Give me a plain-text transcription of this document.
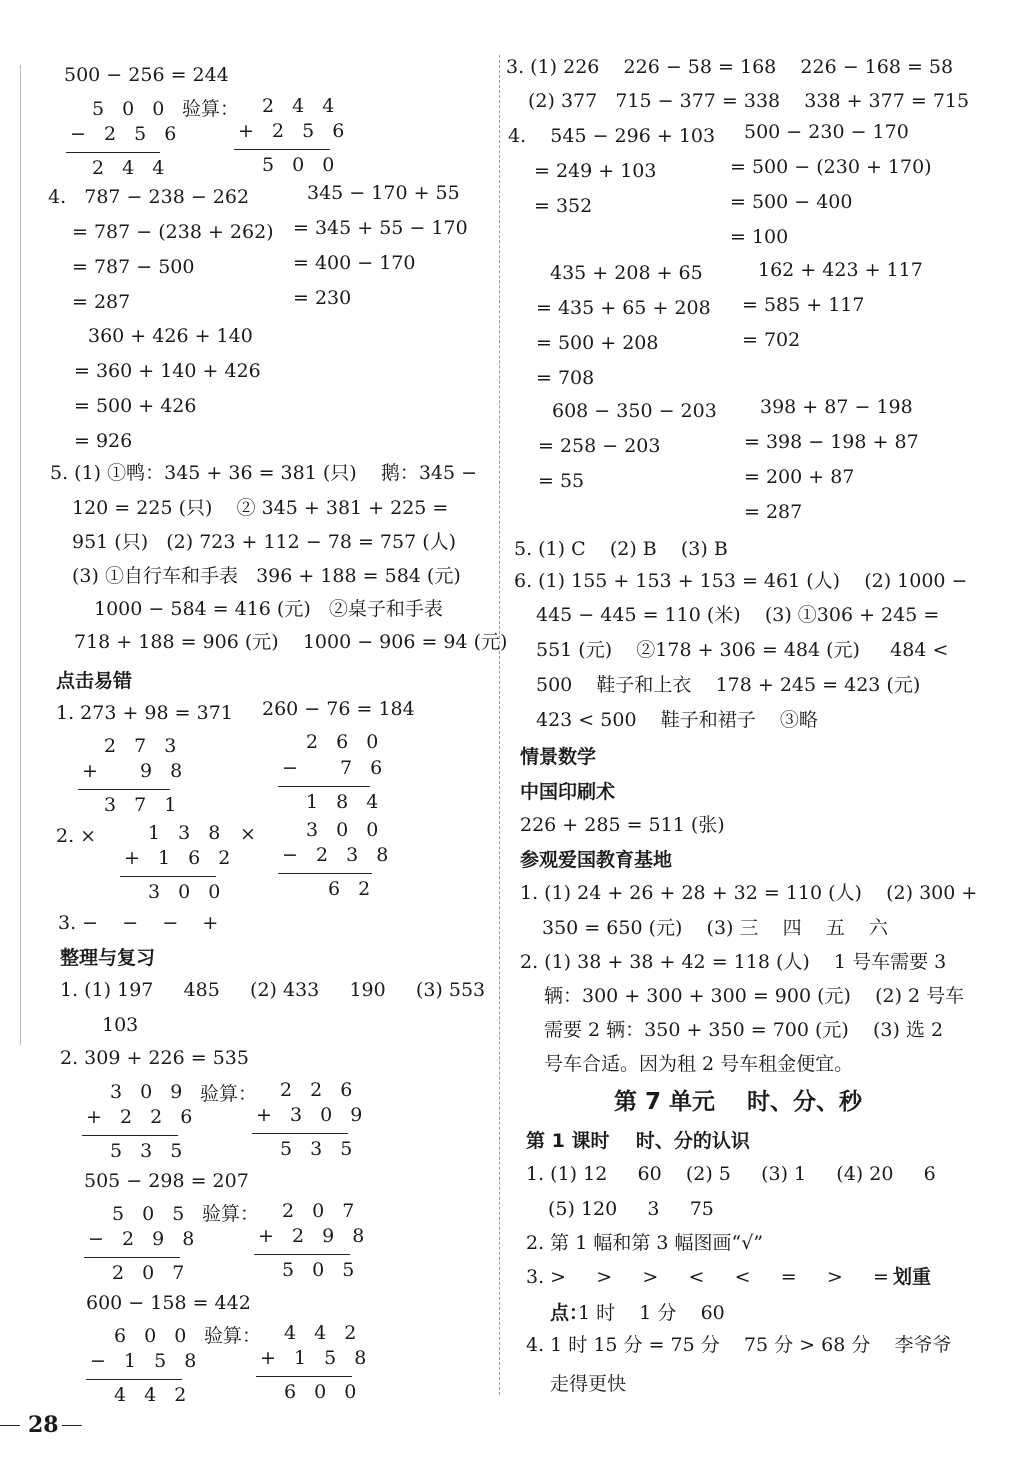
500 − 256 = 244
5 0 0
− 2 5 6
2 4 4
验算： 2 4 4
+ 2 5 6
5 0 0
4.   787 − 238 − 262
= 787 − (238 + 262)
= 787 − 500
= 287
345 − 170 + 55
= 345 + 55 − 170
= 400 − 170
= 230
360 + 426 + 140
= 360 + 140 + 426
= 500 + 426
= 926
5. (1) ①鸭：345 + 36 = 381 (只)    鹅：345 −
120 = 225 (只)    ② 345 + 381 + 225 =
951 (只)   (2) 723 + 112 − 78 = 757 (人)
(3) ①自行车和手表   396 + 188 = 584 (元)
1000 − 584 = 416 (元)   ②桌子和手表
718 + 188 = 906 (元)    1000 − 906 = 94 (元)
点击易错
1. 273 + 98 = 371 260 − 76 = 184
2 7 3
+   9 8
3 7 1
2 6 0
−   7 6
1 8 4
2. ×	×
1 3 8
+ 1 6 2
3 0 0
3 0 0
− 2 3 8
6 2
3. −    −    −    +
整理与复习
1. (1) 197     485     (2) 433     190     (3) 553
103
2. 309 + 226 = 535
3 0 9
+ 2 2 6
5 3 5
验算： 2 2 6
+ 3 0 9
5 3 5
505 − 298 = 207
5 0 5
− 2 9 8
2 0 7
验算： 2 0 7
+ 2 9 8
5 0 5
600 − 158 = 442
6 0 0
− 1 5 8
4 4 2
验算： 4 4 2
+ 1 5 8
6 0 0
3. (1) 226    226 − 58 = 168    226 − 168 = 58
(2) 377   715 − 377 = 338    338 + 377 = 715
4.    545 − 296 + 103
= 249 + 103
= 352
500 − 230 − 170
= 500 − (230 + 170)
= 500 − 400
= 100
435 + 208 + 65
= 435 + 65 + 208
= 500 + 208
= 708
162 + 423 + 117
= 585 + 117
= 702
608 − 350 − 203
= 258 − 203
= 55
398 + 87 − 198
= 398 − 198 + 87
= 200 + 87
= 287
5. (1) C    (2) B    (3) B
6. (1) 155 + 153 + 153 = 461 (人)    (2) 1000 −
445 − 445 = 110 (米)    (3) ①306 + 245 =
551 (元)    ②178 + 306 = 484 (元)     484 <
500    鞋子和上衣    178 + 245 = 423 (元)
423 < 500    鞋子和裙子    ③略
情景数学
中国印刷术
226 + 285 = 511 (张)
参观爱国教育基地
1. (1) 24 + 26 + 28 + 32 = 110 (人)    (2) 300 +
350 = 650 (元)    (3) 三    四    五    六
2. (1) 38 + 38 + 42 = 118 (人)    1 号车需要 3
辆：300 + 300 + 300 = 900 (元)    (2) 2 号车
需要 2 辆：350 + 350 = 700 (元)    (3) 选 2
号车合适。因为租 2 号车租金便宜。
第 7 单元    时、分、秒
第 1 课时    时、分的认识
1. (1) 12     60    (2) 5     (3) 1     (4) 20     6
(5) 120     3     75
2. 第 1 幅和第 3 幅图画“√”
3. >     >     >     <     <     =     >     = 划重
点：
1 时    1 分    60
4. 1 时 15 分 = 75 分    75 分 > 68 分    李爷爷
走得更快
28
